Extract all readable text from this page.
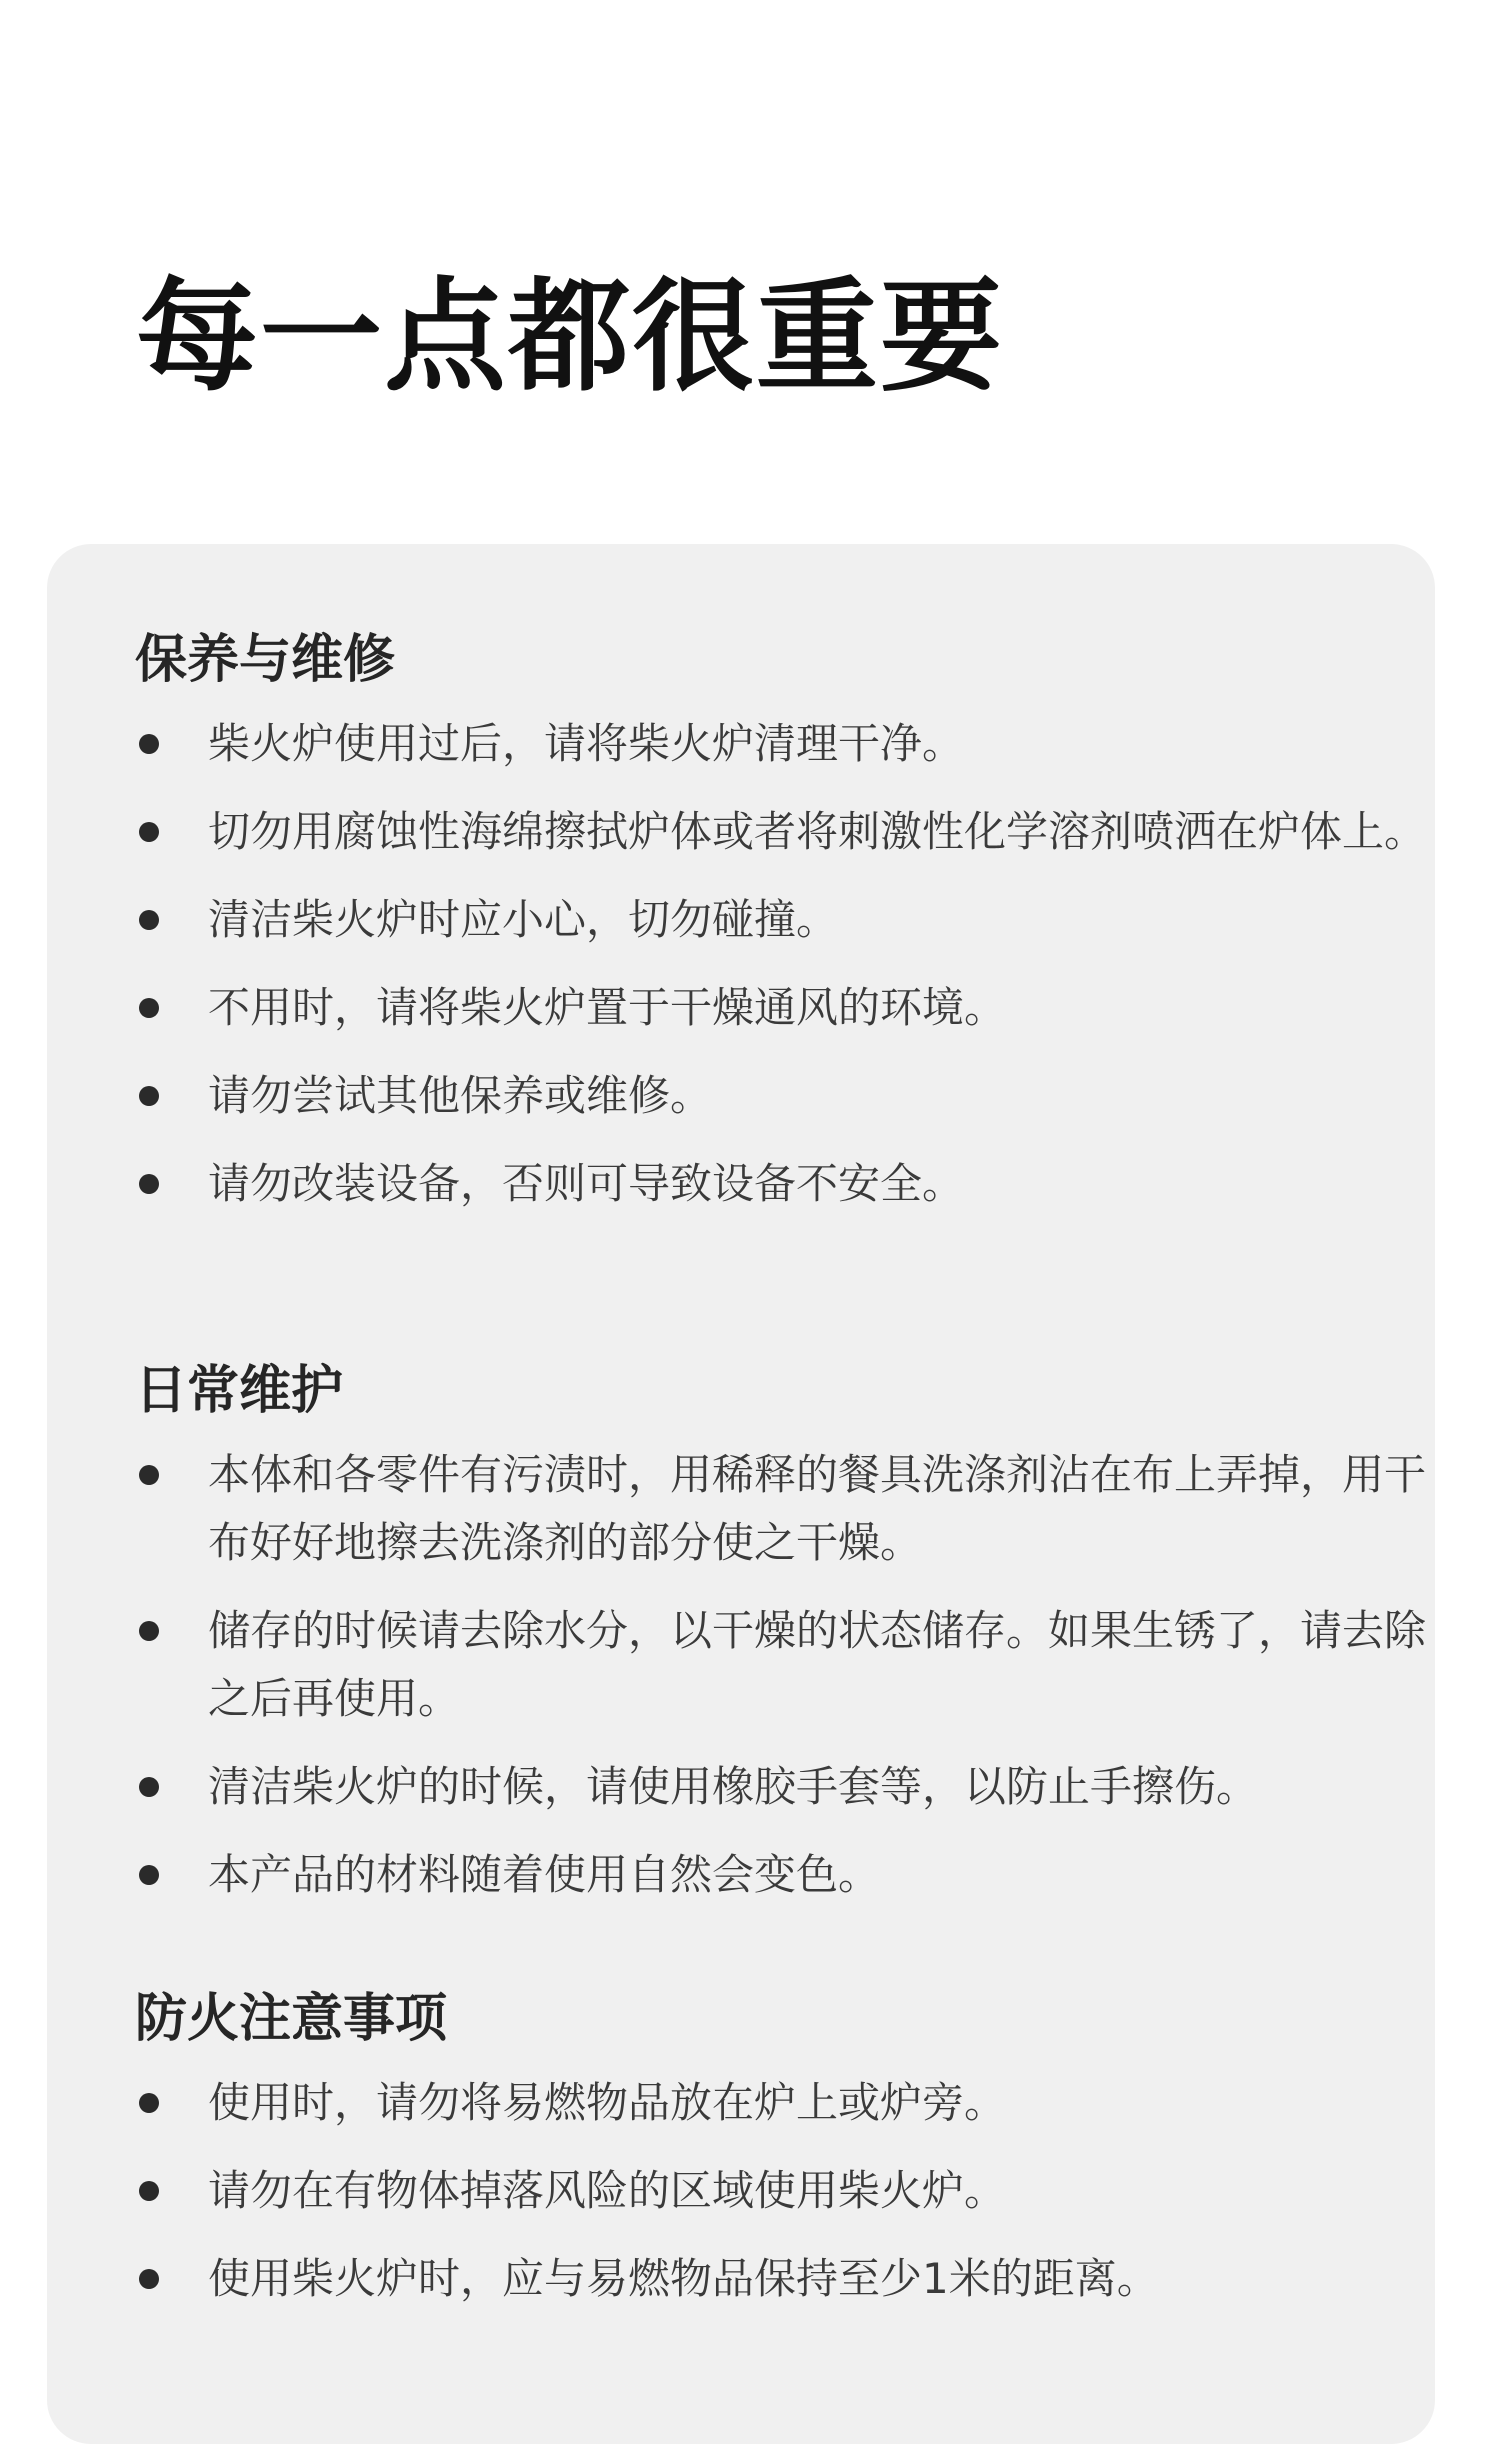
每一点都很重要
保养与维修
柴火炉使用过后，请将柴火炉清理干净。
切勿用腐蚀性海绵擦拭炉体或者将刺激性化学溶剂喷洒在炉体上。
清洁柴火炉时应小心，切勿碰撞。
不用时，请将柴火炉置于干燥通风的环境。
请勿尝试其他保养或维修。
请勿改装设备，否则可导致设备不安全。
日常维护
本体和各零件有污渍时，用稀释的餐具洗涤剂沾在布上弄掉，用干布好好地擦去洗涤剂的部分使之干燥。
储存的时候请去除水分，以干燥的状态储存。如果生锈了，请去除之后再使用。
清洁柴火炉的时候，请使用橡胶手套等，以防止手擦伤。
本产品的材料随着使用自然会变色。
防火注意事项
使用时，请勿将易燃物品放在炉上或炉旁。
请勿在有物体掉落风险的区域使用柴火炉。
使用柴火炉时，应与易燃物品保持至少1米的距离。
